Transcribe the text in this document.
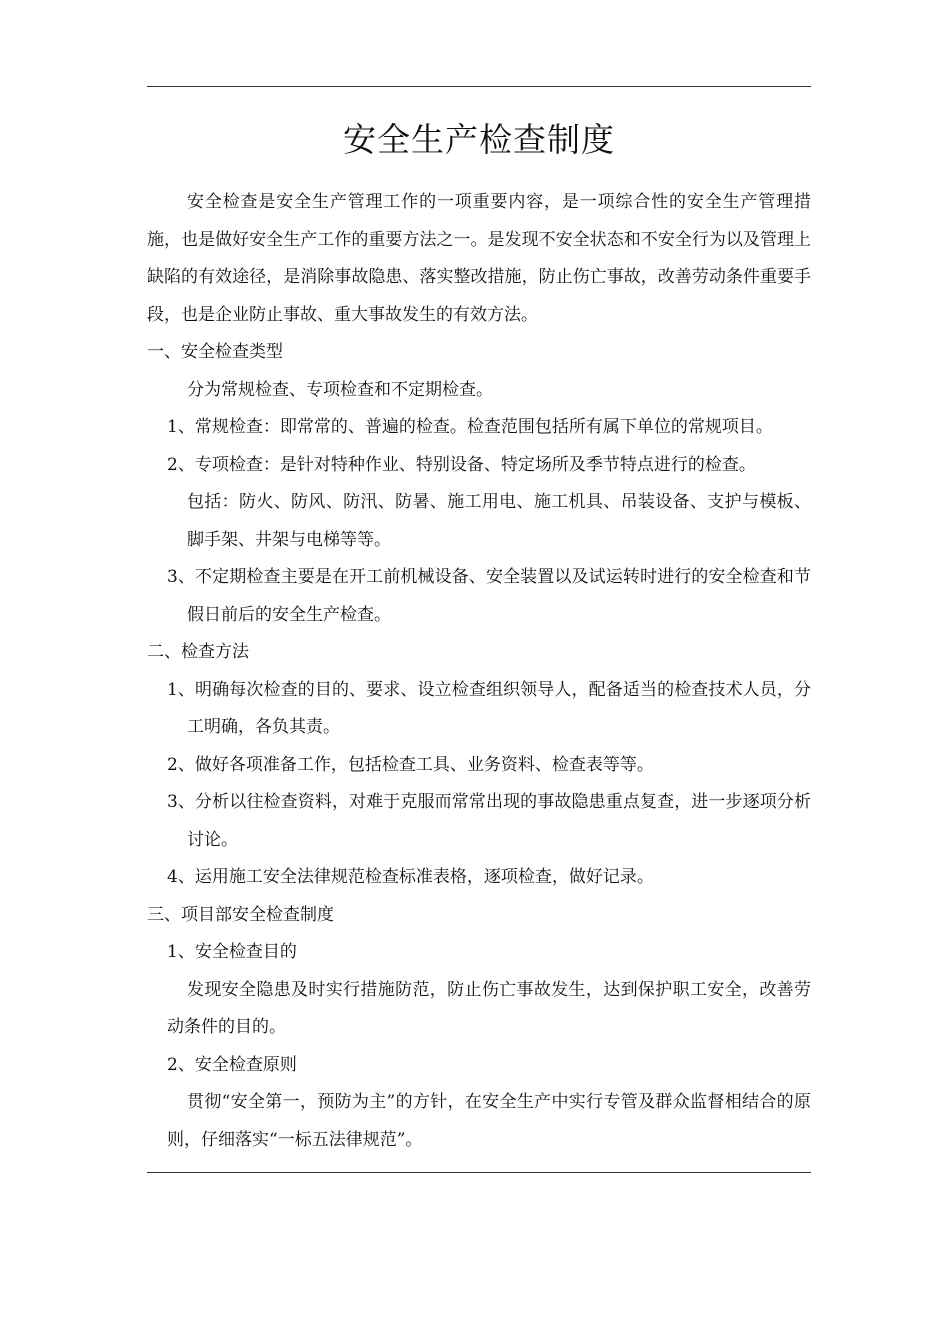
安全生产检查制度

安全检查是安全生产管理工作的一项重要内容，是一项综合性的安全生产管理措施，也是做好安全生产工作的重要方法之一。是发现不安全状态和不安全行为以及管理上缺陷的有效途径，是消除事故隐患、落实整改措施，防止伤亡事故，改善劳动条件重要手段，也是企业防止事故、重大事故发生的有效方法。

一、安全检查类型

分为常规检查、专项检查和不定期检查。

1、常规检查：即常常的、普遍的检查。检查范围包括所有属下单位的常规项目。

2、专项检查：是针对特种作业、特别设备、特定场所及季节特点进行的检查。

包括：防火、防风、防汛、防暑、施工用电、施工机具、吊装设备、支护与模板、脚手架、井架与电梯等等。

3、不定期检查主要是在开工前机械设备、安全装置以及试运转时进行的安全检查和节假日前后的安全生产检查。

二、检查方法

1、明确每次检查的目的、要求、设立检查组织领导人，配备适当的检查技术人员，分工明确，各负其责。

2、做好各项准备工作，包括检查工具、业务资料、检查表等等。

3、分析以往检查资料，对难于克服而常常出现的事故隐患重点复查，进一步逐项分析讨论。

4、运用施工安全法律规范检查标准表格，逐项检查，做好记录。

三、项目部安全检查制度

1、安全检查目的

发现安全隐患及时实行措施防范，防止伤亡事故发生，达到保护职工安全，改善劳动条件的目的。

2、安全检查原则

贯彻“安全第一，预防为主”的方针，在安全生产中实行专管及群众监督相结合的原则，仔细落实“一标五法律规范”。
